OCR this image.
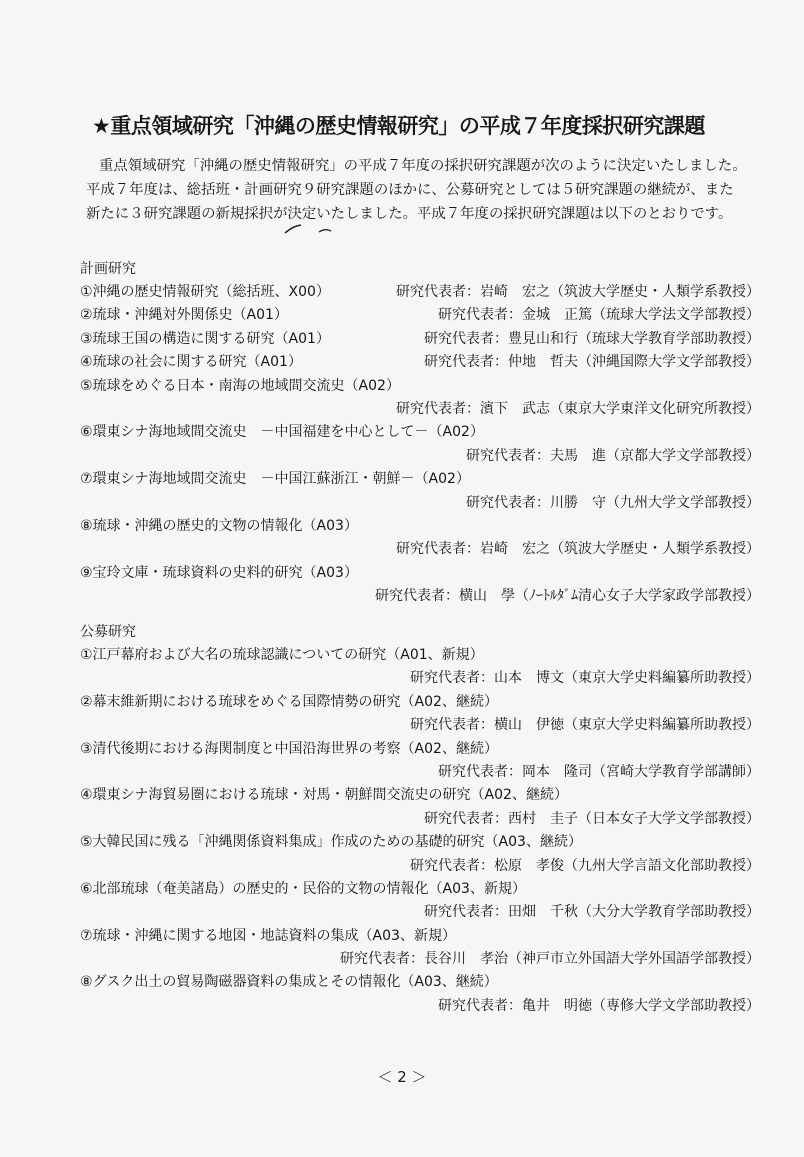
★重点領域研究「沖縄の歴史情報研究」の平成７年度採択研究課題

重点領域研究「沖縄の歴史情報研究」の平成７年度の採択研究課題が次のように決定いたしました。

平成７年度は、総括班・計画研究９研究課題のほかに、公募研究としては５研究課題の継続が、また

新たに３研究課題の新規採択が決定いたしました。平成７年度の採択研究課題は以下のとおりです。

計画研究
①沖縄の歴史情報研究（総括班、X00）	研究代表者：岩崎　宏之（筑波大学歴史・人類学系教授）
②琉球・沖縄対外関係史（A01）	研究代表者：金城　正篤（琉球大学法文学部教授）
③琉球王国の構造に関する研究（A01）	研究代表者：豊見山和行（琉球大学教育学部助教授）
④琉球の社会に関する研究（A01）	研究代表者：仲地　哲夫（沖縄国際大学文学部教授）
⑤琉球をめぐる日本・南海の地域間交流史（A02）
研究代表者：濱下　武志（東京大学東洋文化研究所教授）
⑥環東シナ海地域間交流史　－中国福建を中心として－（A02）
研究代表者：夫馬　進（京都大学文学部教授）
⑦環東シナ海地域間交流史　－中国江蘇浙江・朝鮮－（A02）
研究代表者：川勝　守（九州大学文学部教授）
⑧琉球・沖縄の歴史的文物の情報化（A03）
研究代表者：岩崎　宏之（筑波大学歴史・人類学系教授）
⑨宝玲文庫・琉球資料の史料的研究（A03）
研究代表者：横山　學（ﾉｰﾄﾙﾀﾞﾑ清心女子大学家政学部教授）
公募研究
①江戸幕府および大名の琉球認識についての研究（A01、新規）
研究代表者：山本　博文（東京大学史料編纂所助教授）
②幕末維新期における琉球をめぐる国際情勢の研究（A02、継続）
研究代表者：横山　伊徳（東京大学史料編纂所助教授）
③清代後期における海関制度と中国沿海世界の考察（A02、継続）
研究代表者：岡本　隆司（宮崎大学教育学部講師）
④環東シナ海貿易圏における琉球・対馬・朝鮮間交流史の研究（A02、継続）
研究代表者：西村　圭子（日本女子大学文学部教授）
⑤大韓民国に残る「沖縄関係資料集成」作成のための基礎的研究（A03、継続）
研究代表者：松原　孝俊（九州大学言語文化部助教授）
⑥北部琉球（奄美諸島）の歴史的・民俗的文物の情報化（A03、新規）
研究代表者：田畑　千秋（大分大学教育学部助教授）
⑦琉球・沖縄に関する地図・地誌資料の集成（A03、新規）
研究代表者：長谷川　孝治（神戸市立外国語大学外国語学部教授）
⑧グスク出土の貿易陶磁器資料の集成とその情報化（A03、継続）
研究代表者：亀井　明徳（専修大学文学部助教授）
＜ 2 ＞
